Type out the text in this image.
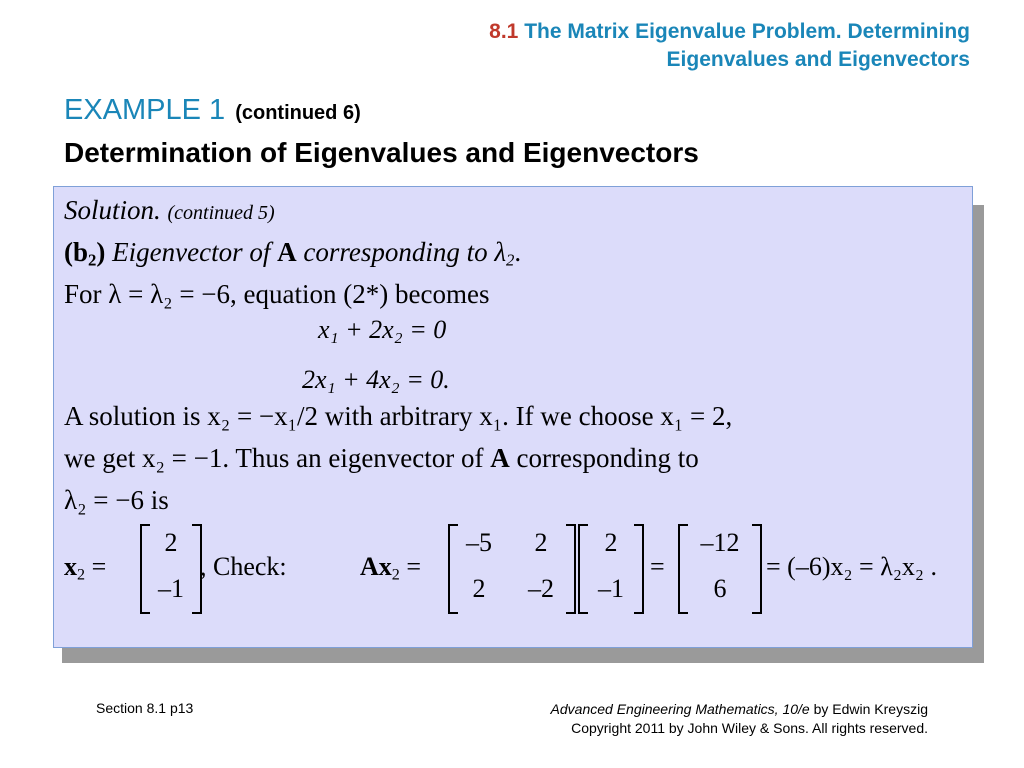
8.1 The Matrix Eigenvalue Problem. Determining
Eigenvalues and Eigenvectors
EXAMPLE 1 (continued 6)
Determination of Eigenvalues and Eigenvectors
Solution. (continued 5)
$(b_2)$ Eigenvector of A corresponding to $\lambda_2$.
For λ = λ₂ = −6, equation (2*) becomes
x₁ + 2x₂ = 0
2x₁ + 4x₂ = 0.
A solution is x₂ = −x₁/2 with arbitrary x₁. If we choose x₁ = 2,
we get x₂ = −1. Thus an eigenvector of A corresponding to
λ₂ = −6 is
$x_2$ =
2
–1
, Check:	$Ax_2$ =
–5	2
2	–2
2
–1
=
–12
6
= (–6)x₂ = λ₂x₂ .
Section 8.1 p13	Advanced Engineering Mathematics, 10/e by Edwin Kreyszig
Copyright 2011 by John Wiley & Sons. All rights reserved.
